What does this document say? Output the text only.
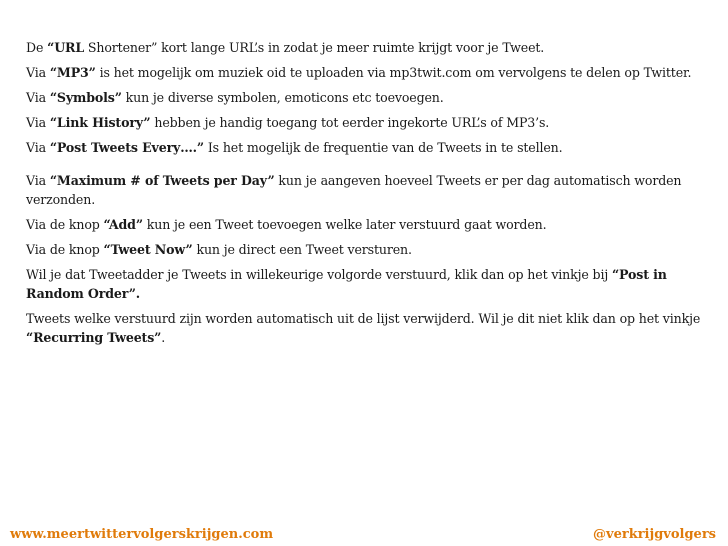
De “URL Shortener” kort lange URL’s in zodat je meer ruimte krijgt voor je Tweet.

Via “MP3” is het mogelijk om muziek oid te uploaden via mp3twit.com om vervolgens te delen op Twitter.

Via “Symbols” kun je diverse symbolen, emoticons etc toevoegen.

Via “Link History” hebben je handig toegang tot eerder ingekorte URL’s of MP3’s.

Via “Post Tweets Every….” Is het mogelijk de frequentie van de Tweets in te stellen.

Via “Maximum # of Tweets per Day” kun je aangeven hoeveel Tweets er per dag automatisch worden verzonden.

Via de knop “Add” kun je een Tweet toevoegen welke later verstuurd gaat worden.

Via de knop “Tweet Now” kun je direct een Tweet versturen.

Wil je dat Tweetadder je Tweets in willekeurige volgorde verstuurd, klik dan op het vinkje bij “Post in Random Order”.

Tweets welke verstuurd zijn worden automatisch uit de lijst verwijderd. Wil je dit niet klik dan op het vinkje “Recurring Tweets”.

www.meertwittervolgerskrijgen.com	@verkrijgvolgers
